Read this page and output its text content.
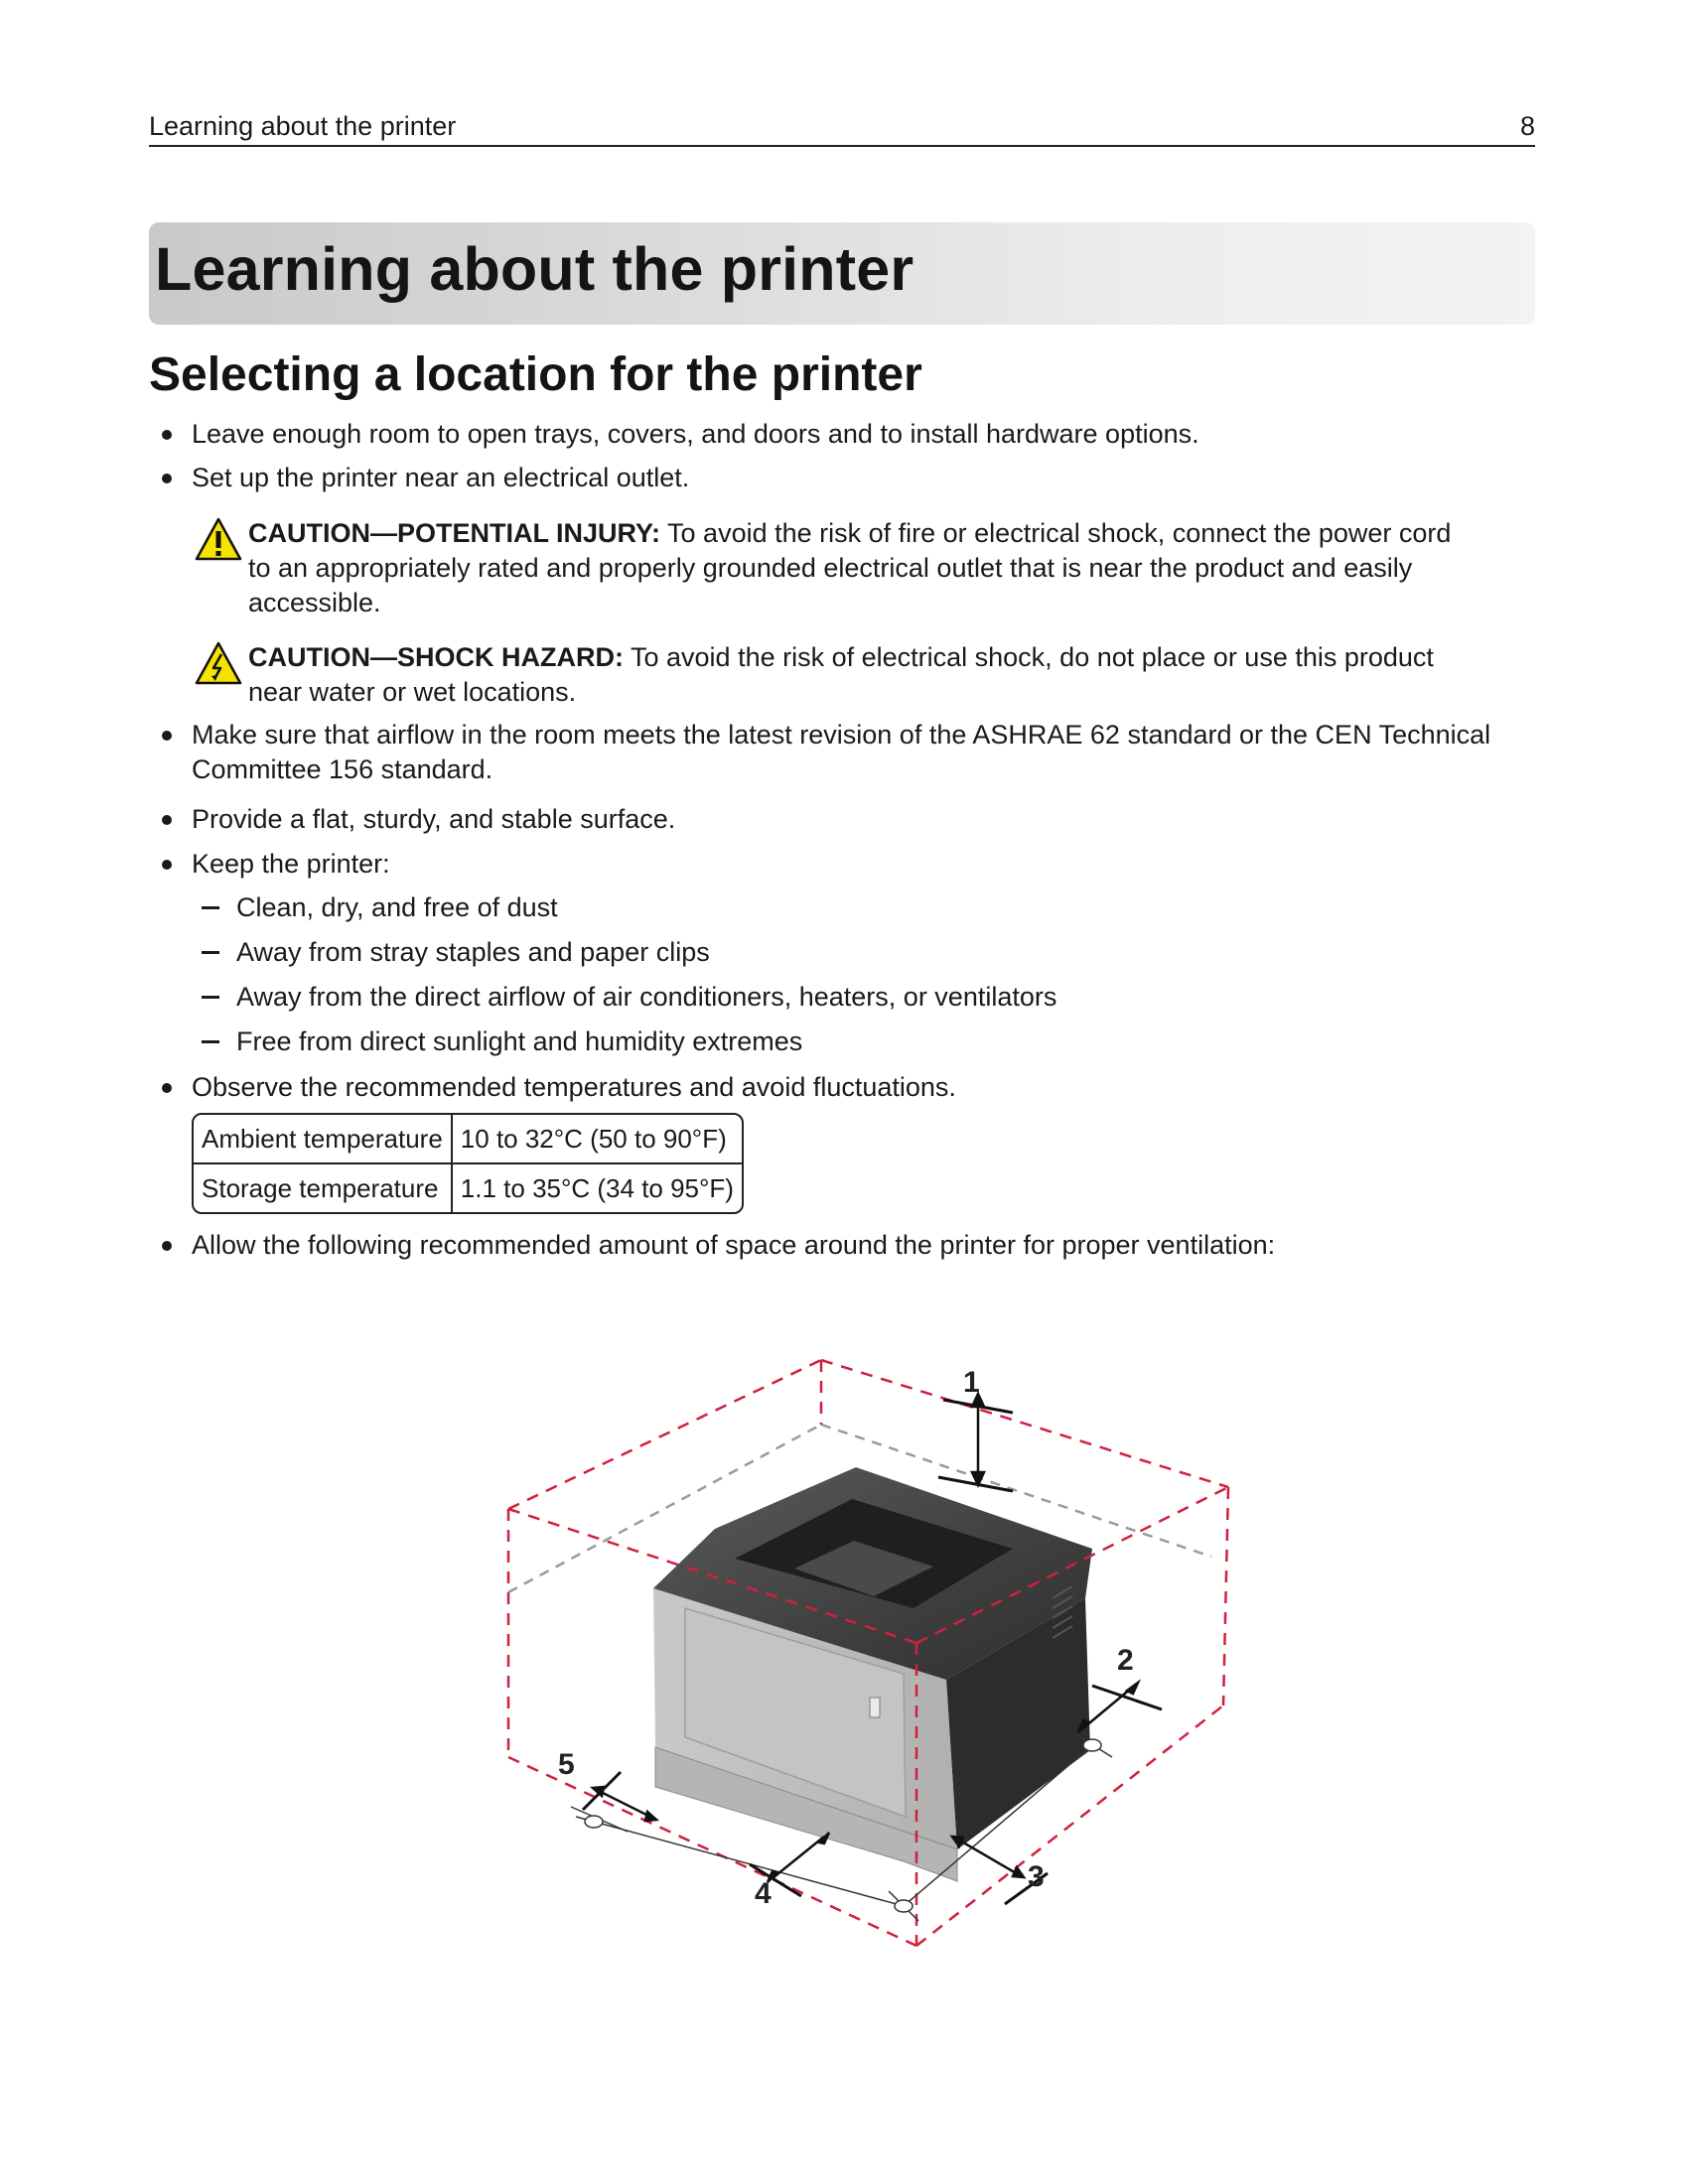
Learning about the printer	8
Learning about the printer
Selecting a location for the printer
Leave enough room to open trays, covers, and doors and to install hardware options.
Set up the printer near an electrical outlet.
CAUTION—POTENTIAL INJURY: To avoid the risk of fire or electrical shock, connect the power cord
to an appropriately rated and properly grounded electrical outlet that is near the product and easily
accessible.
CAUTION—SHOCK HAZARD: To avoid the risk of electrical shock, do not place or use this product
near water or wet locations.
Make sure that airflow in the room meets the latest revision of the ASHRAE 62 standard or the CEN Technical
Committee 156 standard.
Provide a flat, sturdy, and stable surface.
Keep the printer:
Clean, dry, and free of dust
Away from stray staples and paper clips
Away from the direct airflow of air conditioners, heaters, or ventilators
Free from direct sunlight and humidity extremes
Observe the recommended temperatures and avoid fluctuations.
Ambient temperature	10 to 32°C (50 to 90°F)
Storage temperature	1.1 to 35°C (34 to 95°F)
Allow the following recommended amount of space around the printer for proper ventilation:
1
2
3
4
5
